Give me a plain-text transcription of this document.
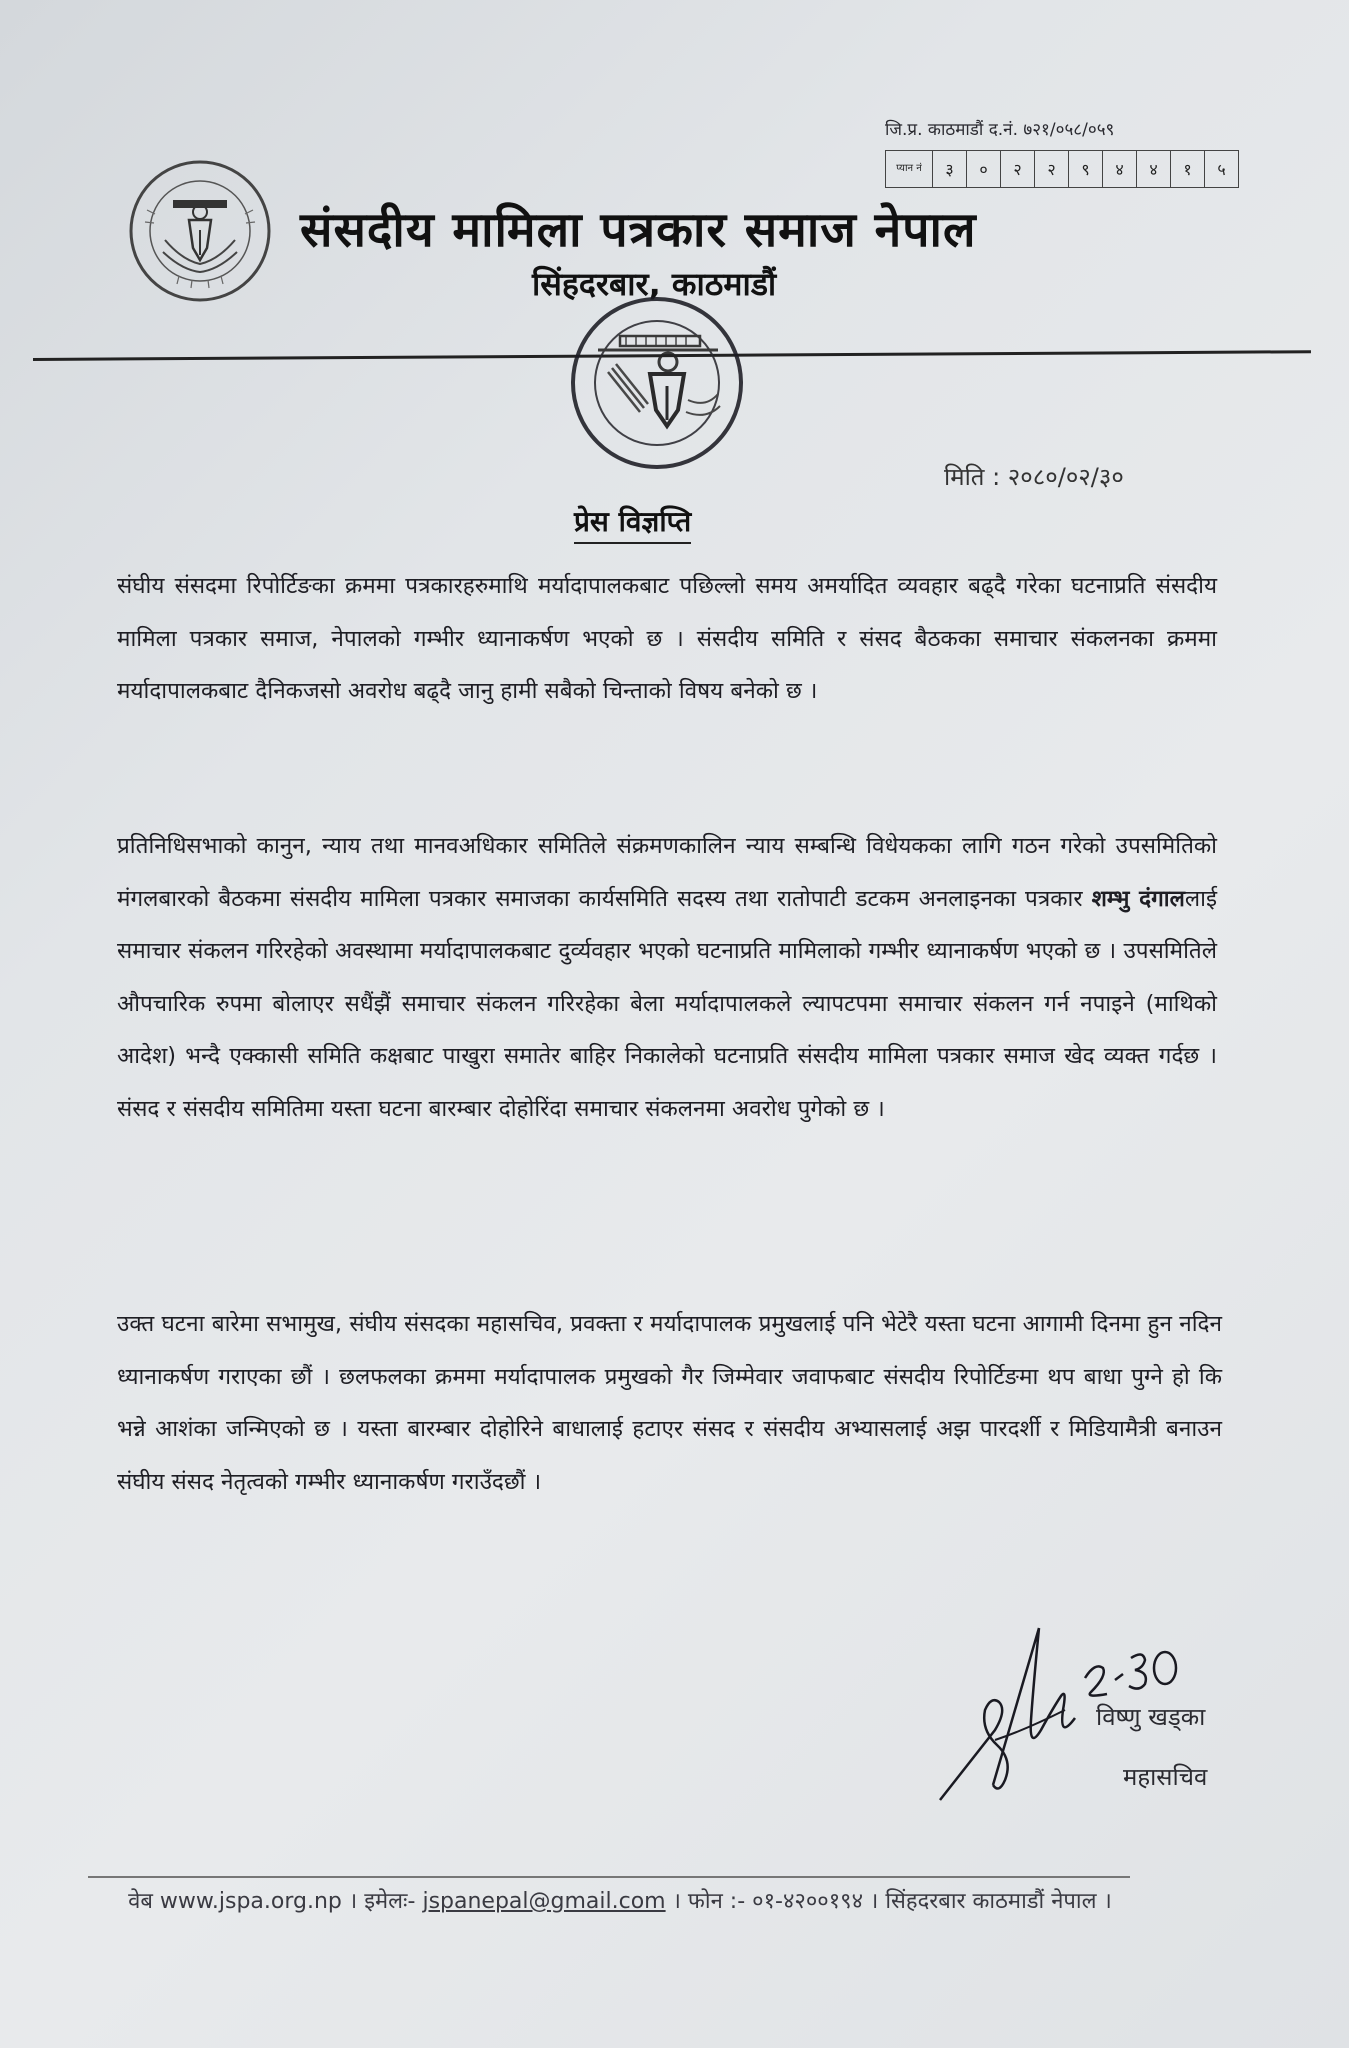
जि.प्र. काठमाडौं द.नं. ७२१/०५८/०५९
प्यान नं	३	०	२	२	९	४	४	१	५
संसदीय मामिला पत्रकार समाज नेपाल
सिंहदरबार, काठमाडौं
मिति : २०८०/०२/३०
प्रेस विज्ञप्ति
संघीय संसदमा रिपोर्टिङका क्रममा पत्रकारहरुमाथि मर्यादापालकबाट पछिल्लो समय अमर्यादित व्यवहार बढ्दै गरेका घटनाप्रति संसदीय मामिला पत्रकार समाज, नेपालको गम्भीर ध्यानाकर्षण भएको छ । संसदीय समिति र संसद बैठकका समाचार संकलनका क्रममा मर्यादापालकबाट दैनिकजसो अवरोध बढ्दै जानु हामी सबैको चिन्ताको विषय बनेको छ ।
प्रतिनिधिसभाको कानुन, न्याय तथा मानवअधिकार समितिले संक्रमणकालिन न्याय सम्बन्धि विधेयकका लागि गठन गरेको उपसमितिको मंगलबारको बैठकमा संसदीय मामिला पत्रकार समाजका कार्यसमिति सदस्य तथा रातोपाटी डटकम अनलाइनका पत्रकार शम्भु दंगाललाई समाचार संकलन गरिरहेको अवस्थामा मर्यादापालकबाट दुर्व्यवहार भएको घटनाप्रति मामिलाको गम्भीर ध्यानाकर्षण भएको छ । उपसमितिले औपचारिक रुपमा बोलाएर सधैंझैं समाचार संकलन गरिरहेका बेला मर्यादापालकले ल्यापटपमा समाचार संकलन गर्न नपाइने (माथिको आदेश) भन्दै एक्कासी समिति कक्षबाट पाखुरा समातेर बाहिर निकालेको घटनाप्रति संसदीय मामिला पत्रकार समाज खेद व्यक्त गर्दछ । संसद र संसदीय समितिमा यस्ता घटना बारम्बार दोहोरिंदा समाचार संकलनमा अवरोध पुगेको छ ।
उक्त घटना बारेमा सभामुख, संघीय संसदका महासचिव, प्रवक्ता र मर्यादापालक प्रमुखलाई पनि भेटेरै यस्ता घटना आगामी दिनमा हुन नदिन ध्यानाकर्षण गराएका छौं । छलफलका क्रममा मर्यादापालक प्रमुखको गैर जिम्मेवार जवाफबाट संसदीय रिपोर्टिङमा थप बाधा पुग्ने हो कि भन्ने आशंका जन्मिएको छ । यस्ता बारम्बार दोहोरिने बाधालाई हटाएर संसद र संसदीय अभ्यासलाई अझ पारदर्शी र मिडियामैत्री बनाउन संघीय संसद नेतृत्वको गम्भीर ध्यानाकर्षण गराउँदछौं ।
विष्णु खड्का
महासचिव
वेब www.jspa.org.np । इमेलः- jspanepal@gmail.com । फोन :- ०१-४२००१९४ । सिंहदरबार काठमाडौं नेपाल ।
